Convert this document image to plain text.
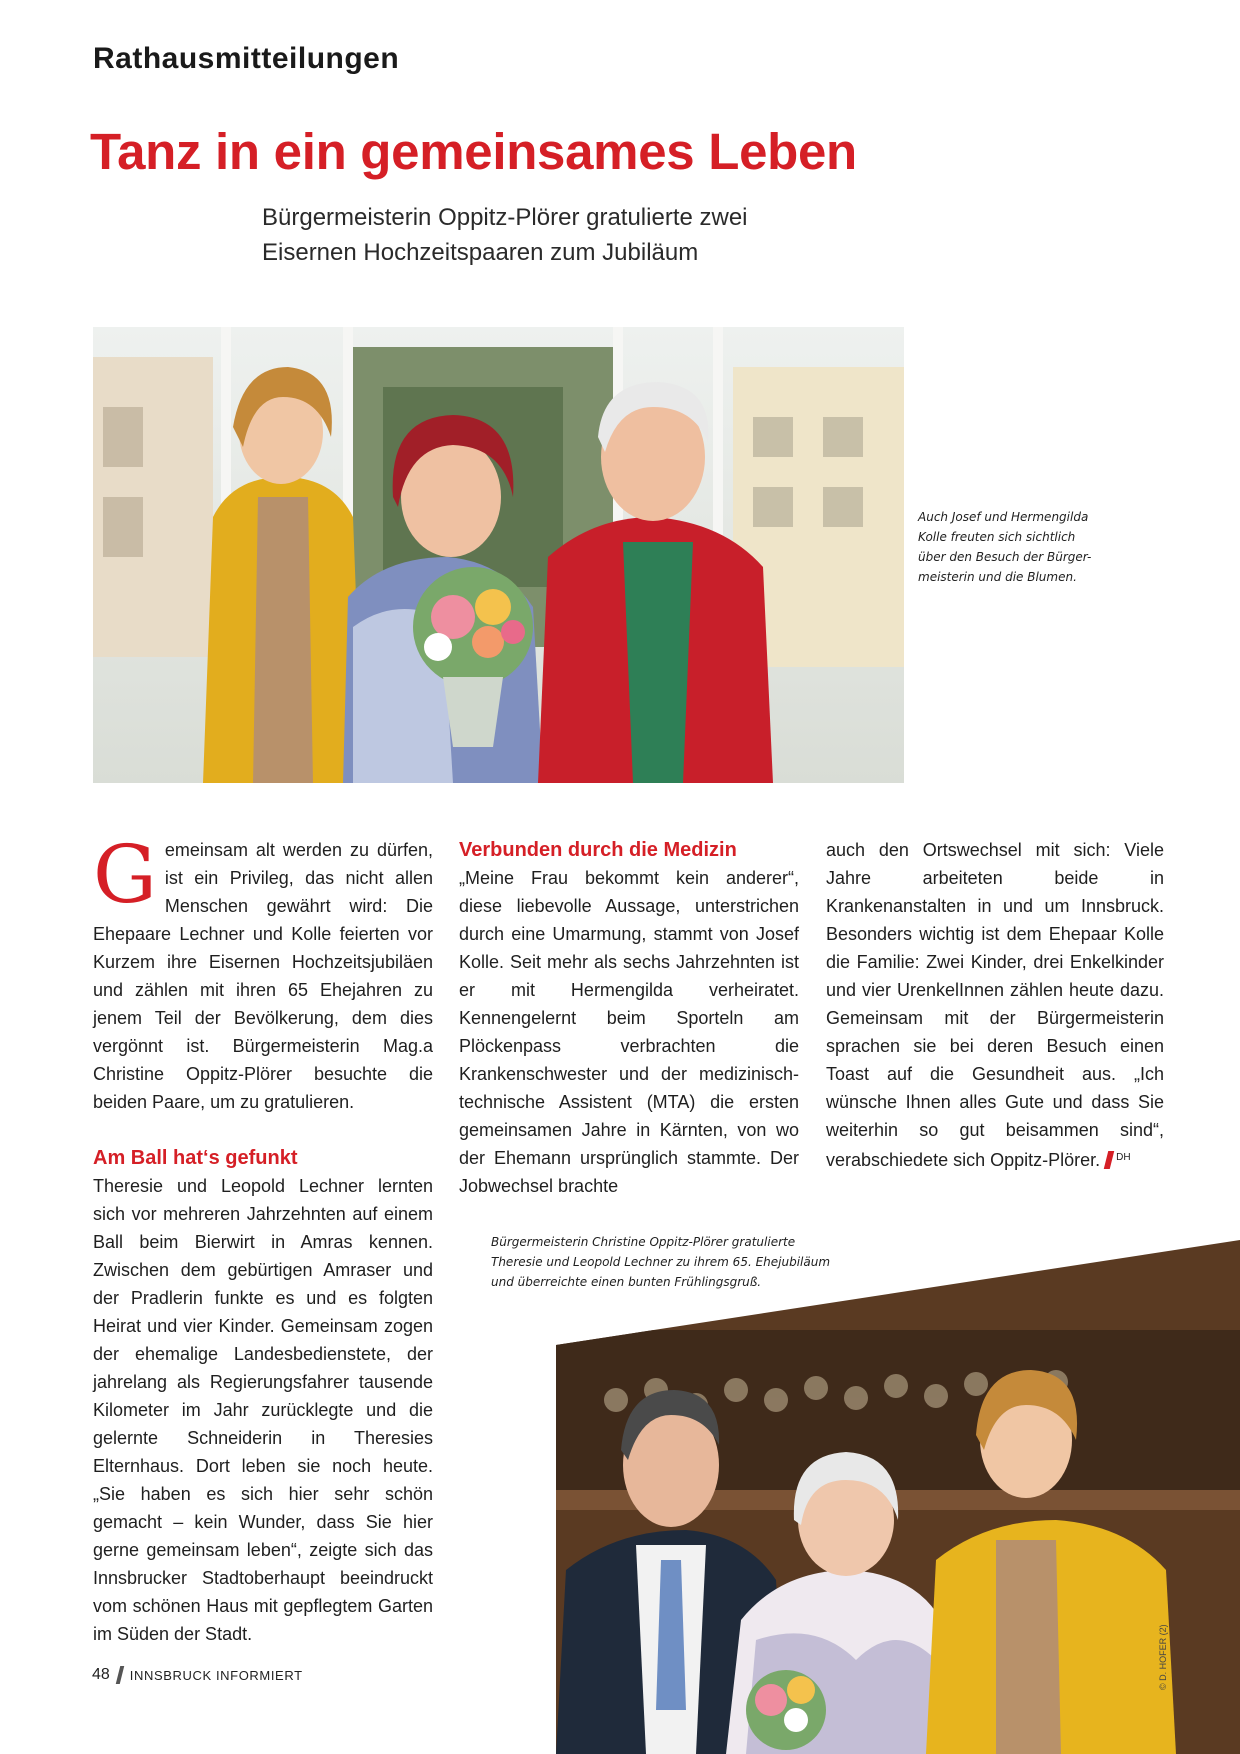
Rathausmitteilungen
Tanz in ein gemeinsames Leben
Bürgermeisterin Oppitz-Plörer gratulierte zwei
Eisernen Hochzeitspaaren zum Jubiläum
Auch Josef und Hermengilda
Kolle freuten sich sichtlich
über den Besuch der Bürger-
meisterin und die Blumen.

Gemeinsam alt werden zu dürfen, ist ein Privileg, das nicht allen Menschen gewährt wird: Die Ehepaare Lechner und Kolle feierten vor Kurzem ihre Eisernen Hochzeitsjubiläen und zählen mit ihren 65 Ehejahren zu jenem Teil der Bevölkerung, dem dies vergönnt ist. Bürgermeisterin Mag.a Christine Oppitz-Plörer besuchte die beiden Paare, um zu gratulieren.

Am Ball hat‘s gefunkt

Theresie und Leopold Lechner lernten sich vor mehreren Jahrzehnten auf einem Ball beim Bierwirt in Amras kennen. Zwischen dem gebürtigen Amraser und der Pradlerin funkte es und es folgten Heirat und vier Kinder. Gemeinsam zogen der ehemalige Landesbedienstete, der jahrelang als Regierungsfahrer tausende Kilometer im Jahr zurücklegte und die gelernte Schneiderin in Theresies Elternhaus. Dort leben sie noch heute. „Sie haben es sich hier sehr schön gemacht – kein Wunder, dass Sie hier gerne gemeinsam leben“, zeigte sich das Innsbrucker Stadtoberhaupt beeindruckt vom schönen Haus mit gepflegtem Garten im Süden der Stadt.

Verbunden durch die Medizin

„Meine Frau bekommt kein anderer“, diese liebevolle Aussage, unterstrichen durch eine Umarmung, stammt von Josef Kolle. Seit mehr als sechs Jahrzehnten ist er mit Hermengilda verheiratet. Kennengelernt beim Sporteln am Plöckenpass verbrachten die Krankenschwester und der medizinisch-technische Assistent (MTA) die ersten gemeinsamen Jahre in Kärnten, von wo der Ehemann ursprünglich stammte. Der Jobwechsel brachte

auch den Ortswechsel mit sich: Viele Jahre arbeiteten beide in Krankenanstalten in und um Innsbruck. Besonders wichtig ist dem Ehepaar Kolle die Familie: Zwei Kinder, drei Enkelkinder und vier UrenkelInnen zählen heute dazu. Gemeinsam mit der Bürgermeisterin sprachen sie bei deren Besuch einen Toast auf die Gesundheit aus. „Ich wünsche Ihnen alles Gute und dass Sie weiterhin so gut beisammen sind“, verabschiedete sich Oppitz-Plörer. $^{DH}$

Bürgermeisterin Christine Oppitz-Plörer gratulierte
Theresie und Leopold Lechner zu ihrem 65. Ehejubiläum
und überreichte einen bunten Frühlingsgruß.
© D. HOFER (2)
48 INNSBRUCK INFORMIERT
